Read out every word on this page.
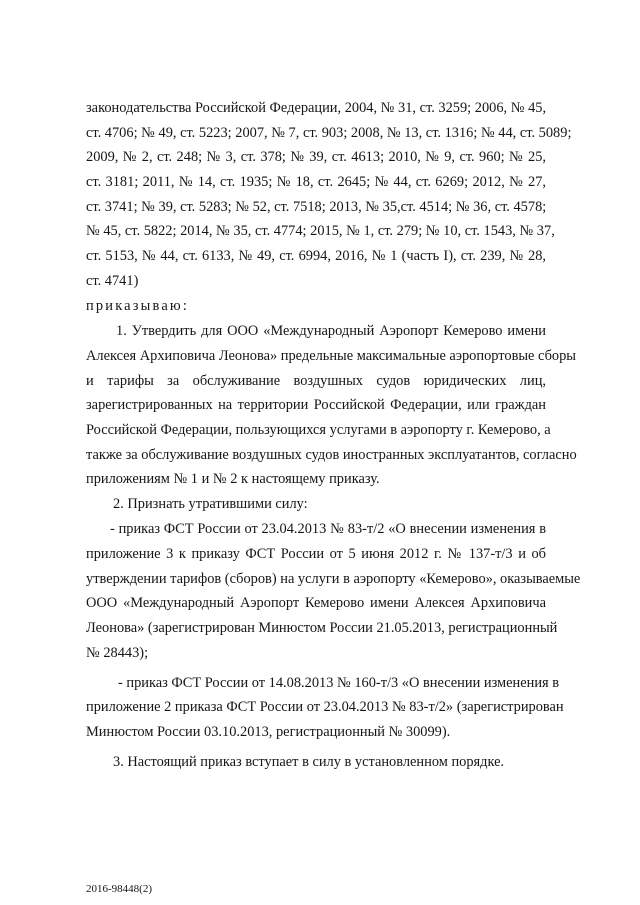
законодательства Российской Федерации, 2004, № 31, ст. 3259; 2006, № 45,
ст. 4706; № 49, ст. 5223; 2007, № 7, ст. 903; 2008, № 13, ст. 1316; № 44, ст. 5089;
2009, № 2, ст. 248; № 3, ст. 378; № 39, ст. 4613; 2010, № 9, ст. 960; № 25,
ст. 3181; 2011, № 14, ст. 1935; № 18, ст. 2645; № 44, ст. 6269; 2012, № 27,
ст. 3741; № 39, ст. 5283; № 52, ст. 7518; 2013, № 35,ст. 4514; № 36, ст. 4578;
№ 45, ст. 5822; 2014, № 35, ст. 4774; 2015, № 1, ст. 279; № 10, ст. 1543, № 37,
ст. 5153, № 44, ст. 6133, № 49, ст. 6994, 2016, № 1 (часть I), ст. 239, № 28,
ст. 4741)
приказываю:
1. Утвердить для ООО «Международный Аэропорт Кемерово имени
Алексея Архиповича Леонова» предельные максимальные аэропортовые сборы
и тарифы за обслуживание воздушных судов юридических лиц,
зарегистрированных на территории Российской Федерации, или граждан
Российской Федерации, пользующихся услугами в аэропорту г. Кемерово, а
также за обслуживание воздушных судов иностранных эксплуатантов, согласно
приложениям № 1 и № 2 к настоящему приказу.
2. Признать утратившими силу:
- приказ ФСТ России от 23.04.2013 № 83-т/2 «О внесении изменения в
приложение 3 к приказу ФСТ России от 5 июня 2012 г. № 137-т/3 и об
утверждении тарифов (сборов) на услуги в аэропорту «Кемерово», оказываемые
ООО «Международный Аэропорт Кемерово имени Алексея Архиповича
Леонова» (зарегистрирован Минюстом России 21.05.2013, регистрационный
№ 28443);
- приказ ФСТ России от 14.08.2013 № 160-т/3 «О внесении изменения в
приложение 2 приказа ФСТ России от 23.04.2013 № 83-т/2» (зарегистрирован
Минюстом России 03.10.2013, регистрационный № 30099).
3. Настоящий приказ вступает в силу в установленном порядке.
2016-98448(2)
